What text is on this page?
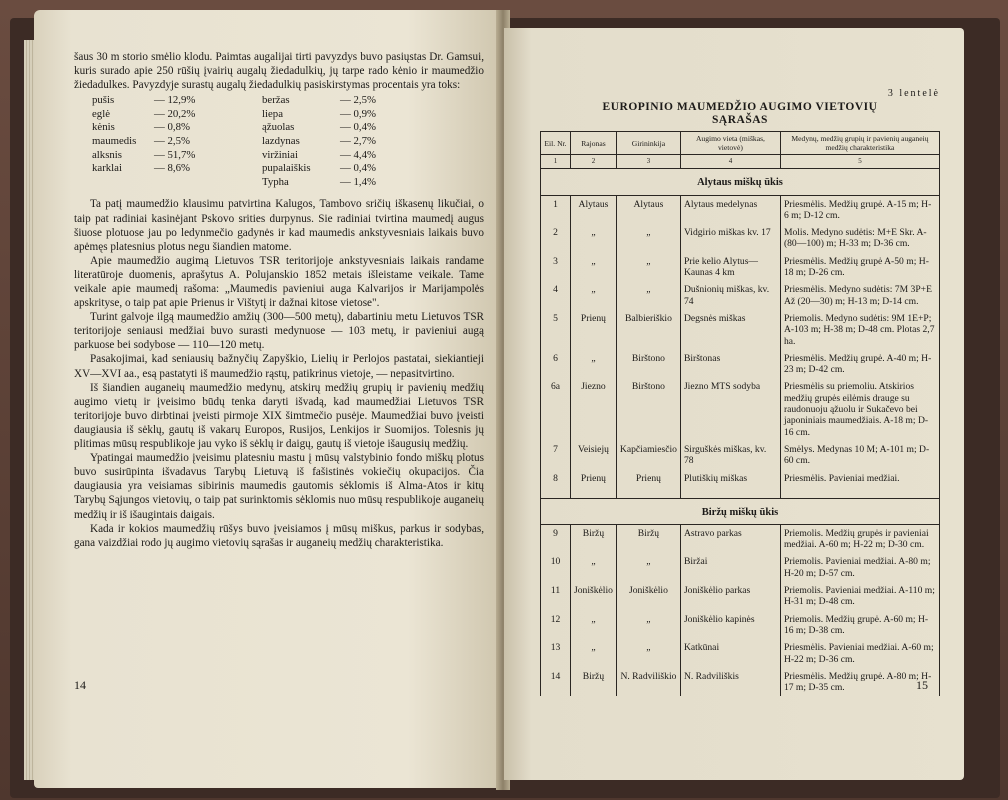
šaus 30 m storio smėlio klodu. Paimtas augalijai tirti pavyzdys buvo pasiųstas Dr. Gamsui, kuris surado apie 250 rūšių įvairių augalų žiedadulkių, jų tarpe rado kėnio ir maumedžio žiedadulkes. Pavyzdyje surastų augalų žiedadulkių pasiskirstymas procentais yra toks:

pušis	— 12,9%	beržas	— 2,5%
eglė	— 20,2%	liepa	— 0,9%
kėnis	— 0,8%	ąžuolas	— 0,4%
maumedis	— 2,5%	lazdynas	— 2,7%
alksnis	— 51,7%	viržiniai	— 4,4%
karklai	— 8,6%	pupalaiškis	— 0,4%
Typha	— 1,4%

Ta patį maumedžio klausimu patvirtina Kalugos, Tambovo sričių iškasenų likučiai, o taip pat radiniai kasinėjant Pskovo srities durpynus. Sie radiniai tvirtina maumedį augus šiuose plotuose jau po ledynmečio gadynės ir kad maumedis ankstyvesniais laikais buvo apėmęs platesnius plotus negu šiandien matome.

Apie maumedžio augimą Lietuvos TSR teritorijoje ankstyvesniais laikais randame literatūroje duomenis, aprašytus A. Polujanskio 1852 metais išleistame veikale. Tame veikale apie maumedį rašoma: „Maumedis pavieniui auga Kalvarijos ir Marijampolės apskrityse, o taip pat apie Prienus ir Vištytį ir dažnai kitose vietose".

Turint galvoje ilgą maumedžio amžių (300—500 metų), dabartiniu metu Lietuvos TSR teritorijoje seniausi medžiai buvo surasti medynuose — 103 metų, ir pavieniui augą parkuose bei sodybose — 110—120 metų.

Pasakojimai, kad seniausių bažnyčių Zapyškio, Lielių ir Perlojos pastatai, siekiantieji XV—XVI aa., esą pastatyti iš maumedžio rąstų, patikrinus vietoje, — nepasitvirtino.

Iš šiandien auganeių maumedžio medynų, atskirų medžių grupių ir pavienių medžių augimo vietų ir įveisimo būdų tenka daryti išvadą, kad maumedžiai Lietuvos TSR teritorijoje buvo dirbtinai įveisti pirmoje XIX šimtmečio pusėje. Maumedžiai buvo įveisti daugiausia iš sėklų, gautų iš vakarų Europos, Rusijos, Lenkijos ir Suomijos. Tolesnis jų plitimas mūsų respublikoje jau vyko iš sėklų ir daigų, gautų iš vietoje išaugusių medžių.

Ypatingai maumedžio įveisimu platesniu mastu į mūsų valstybinio fondo miškų plotus buvo susirūpinta išvadavus Tarybų Lietuvą iš fašistinės vokiečių okupacijos. Čia daugiausia yra veisiamas sibirinis maumedis gautomis sėklomis iš Alma-Atos ir kitų Tarybų Sąjungos vietovių, o taip pat surinktomis sėklomis nuo mūsų respublikoje auganeių medžių ir iš išaugintais daigais.

Kada ir kokios maumedžių rūšys buvo įveisiamos į mūsų miškus, parkus ir sodybas, gana vaizdžiai rodo jų augimo vietovių sąrašas ir auganeių medžių charakteristika.

14
3 lentelė
EUROPINIO MAUMEDŽIO AUGIMO VIETOVIŲ
SĄRAŠAS
Eil. Nr.	Rajonas	Girininkija	Augimo vieta (miškas, vietovė)	Medynų, medžių grupių ir pavienių auganeių medžių charakteristika
1	2	3	4	5
Alytaus miškų ūkis				
1	Alytaus	Alytaus	Alytaus medelynas	Priesmėlis. Medžių grupė. A-15 m; H-6 m; D-12 cm.
2	„	„	Vidgirio miškas kv. 17	Molis. Medyno sudėtis: M+E Skr. A-(80—100) m; H-33 m; D-36 cm.
3	„	„	Prie kelio Alytus—Kaunas 4 km	Priesmėlis. Medžių grupė A-50 m; H-18 m; D-26 cm.
4	„	„	Dušnionių miškas, kv. 74	Priesmėlis. Medyno sudėtis: 7M 3P+E Až (20—30) m; H-13 m; D-14 cm.
5	Prienų	Balbieriškio	Degsnės miškas	Priemolis. Medyno sudėtis: 9M 1E+P; A-103 m; H-38 m; D-48 cm. Plotas 2,7 ha.
6	„	Birštono	Birštonas	Priesmėlis. Medžių grupė. A-40 m; H-23 m; D-42 cm.
6a	Jiezno	Birštono	Jiezno MTS sodyba	Priesmėlis su priemoliu. Atskirios medžių grupės eilėmis drauge su raudonuoju ąžuolu ir Sukačevo bei japoniniais maumedžiais. A-18 m; D-16 cm.
7	Veisiejų	Kapčiamiesčio	Sirguškės miškas, kv. 78	Smėlys. Medynas 10 M; A-101 m; D-60 cm.
8	Prienų	Prienų	Plutiškių miškas	Priesmėlis. Pavieniai medžiai.
Biržų miškų ūkis				
9	Biržų	Biržų	Astravo parkas	Priemolis. Medžių grupės ir pavieniai medžiai. A-60 m; H-22 m; D-30 cm.
10	„	„	Biržai	Priemolis. Pavieniai medžiai. A-80 m; H-20 m; D-57 cm.
11	Joniškėlio	Joniškėlio	Joniškėlio parkas	Priemolis. Pavieniai medžiai. A-110 m; H-31 m; D-48 cm.
12	„	„	Joniškėlio kapinės	Priemolis. Medžių grupė. A-60 m; H-16 m; D-38 cm.
13	„	„	Katkūnai	Priesmėlis. Pavieniai medžiai. A-60 m; H-22 m; D-36 cm.
14	Biržų	N. Radviliškio	N. Radviliškis	Priesmėlis. Medžių grupė. A-80 m; H-17 m; D-35 cm.	15
